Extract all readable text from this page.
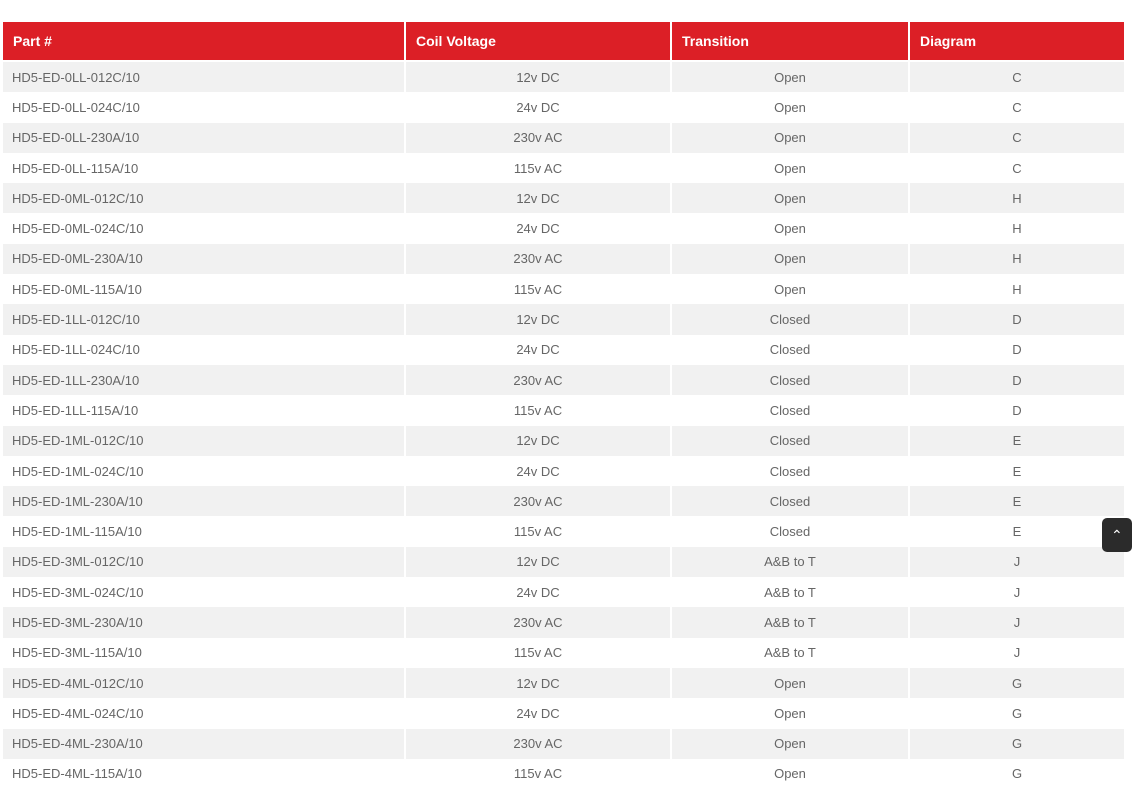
Part #	Coil Voltage	Transition	Diagram
HD5-ED-0LL-012C/10	12v DC	Open	C
HD5-ED-0LL-024C/10	24v DC	Open	C
HD5-ED-0LL-230A/10	230v AC	Open	C
HD5-ED-0LL-115A/10	115v AC	Open	C
HD5-ED-0ML-012C/10	12v DC	Open	H
HD5-ED-0ML-024C/10	24v DC	Open	H
HD5-ED-0ML-230A/10	230v AC	Open	H
HD5-ED-0ML-115A/10	115v AC	Open	H
HD5-ED-1LL-012C/10	12v DC	Closed	D
HD5-ED-1LL-024C/10	24v DC	Closed	D
HD5-ED-1LL-230A/10	230v AC	Closed	D
HD5-ED-1LL-115A/10	115v AC	Closed	D
HD5-ED-1ML-012C/10	12v DC	Closed	E
HD5-ED-1ML-024C/10	24v DC	Closed	E
HD5-ED-1ML-230A/10	230v AC	Closed	E
HD5-ED-1ML-115A/10	115v AC	Closed	E
HD5-ED-3ML-012C/10	12v DC	A&B to T	J
HD5-ED-3ML-024C/10	24v DC	A&B to T	J
HD5-ED-3ML-230A/10	230v AC	A&B to T	J
HD5-ED-3ML-115A/10	115v AC	A&B to T	J
HD5-ED-4ML-012C/10	12v DC	Open	G
HD5-ED-4ML-024C/10	24v DC	Open	G
HD5-ED-4ML-230A/10	230v AC	Open	G
HD5-ED-4ML-115A/10	115v AC	Open	G
⌃
